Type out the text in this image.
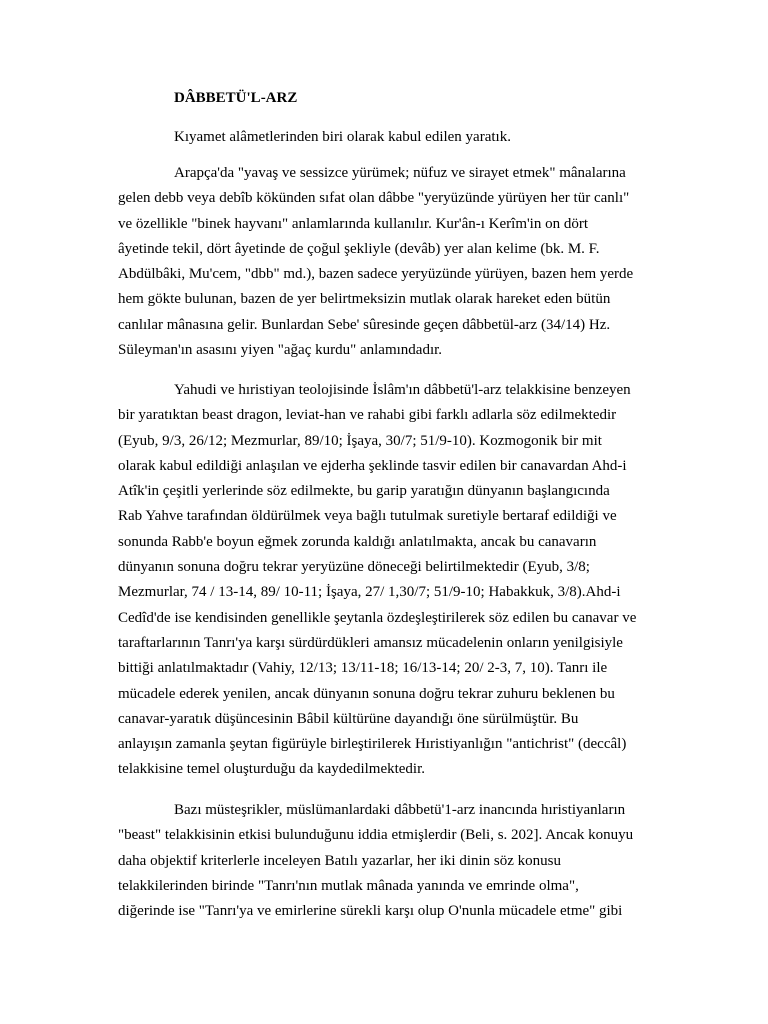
DÂBBETÜ'L-ARZ
Kıyamet alâmetlerinden biri olarak kabul edilen yaratık.
Arapça'da "yavaş ve sessizce yürümek; nüfuz ve sirayet etmek" mânalarına
gelen debb veya debîb kökünden sıfat olan dâbbe "yeryüzünde yürüyen her tür canlı"
ve özellikle "binek hayvanı" anlamlarında kullanılır. Kur'ân-ı Kerîm'in on dört
âyetinde tekil, dört âyetinde de çoğul şekliyle (devâb) yer alan kelime (bk. M. F.
Abdülbâki, Mu'cem, "dbb" md.), bazen sadece yeryüzünde yürüyen, bazen hem yerde
hem gökte bulunan, bazen de yer belirtmeksizin mutlak olarak hareket eden bütün
canlılar mânasına gelir. Bunlardan Sebe' sûresinde geçen dâbbetül-arz (34/14) Hz.
Süleyman'ın asasını yiyen "ağaç kurdu" anlamındadır.
Yahudi ve hıristiyan teolojisinde İslâm'ın dâbbetü'l-arz telakkisine benzeyen
bir yaratıktan beast dragon, leviat-han ve rahabi gibi farklı adlarla söz edilmektedir
(Eyub, 9/3, 26/12; Mezmurlar, 89/10; İşaya, 30/7; 51/9-10). Kozmogonik bir mit
olarak kabul edildiği anlaşılan ve ejderha şeklinde tasvir edilen bir canavardan Ahd-i
Atîk'in çeşitli yerlerinde söz edilmekte, bu garip yaratığın dünyanın başlangıcında
Rab Yahve tarafından öldürülmek veya bağlı tutulmak suretiyle bertaraf edildiği ve
sonunda Rabb'e boyun eğmek zorunda kaldığı anlatılmakta, ancak bu canavarın
dünyanın sonuna doğru tekrar yeryüzüne döneceği belirtilmektedir (Eyub, 3/8;
Mezmurlar, 74 / 13-14, 89/ 10-11; İşaya, 27/ 1,30/7; 51/9-10; Habakkuk, 3/8).Ahd-i
Cedîd'de ise kendisinden genellikle şeytanla özdeşleştirilerek söz edilen bu canavar ve
taraftarlarının Tanrı'ya karşı sürdürdükleri amansız mücadelenin onların yenilgisiyle
bittiği anlatılmaktadır (Vahiy, 12/13; 13/11-18; 16/13-14; 20/ 2-3, 7, 10). Tanrı ile
mücadele ederek yenilen, ancak dünyanın sonuna doğru tekrar zuhuru beklenen bu
canavar-yaratık düşüncesinin Bâbil kültürüne dayandığı öne sürülmüştür. Bu
anlayışın zamanla şeytan figürüyle birleştirilerek Hıristiyanlığın "antichrist" (deccâl)
telakkisine temel oluşturduğu da kaydedilmektedir.
Bazı müsteşrikler, müslümanlardaki dâbbetü'1-arz inancında hıristiyanların
"beast" telakkisinin etkisi bulunduğunu iddia etmişlerdir (Beli, s. 202]. Ancak konuyu
daha objektif kriterlerle inceleyen Batılı yazarlar, her iki dinin söz konusu
telakkilerinden birinde "Tanrı'nın mutlak mânada yanında ve emrinde olma",
diğerinde ise "Tanrı'ya ve emirlerine sürekli karşı olup O'nunla mücadele etme" gibi
